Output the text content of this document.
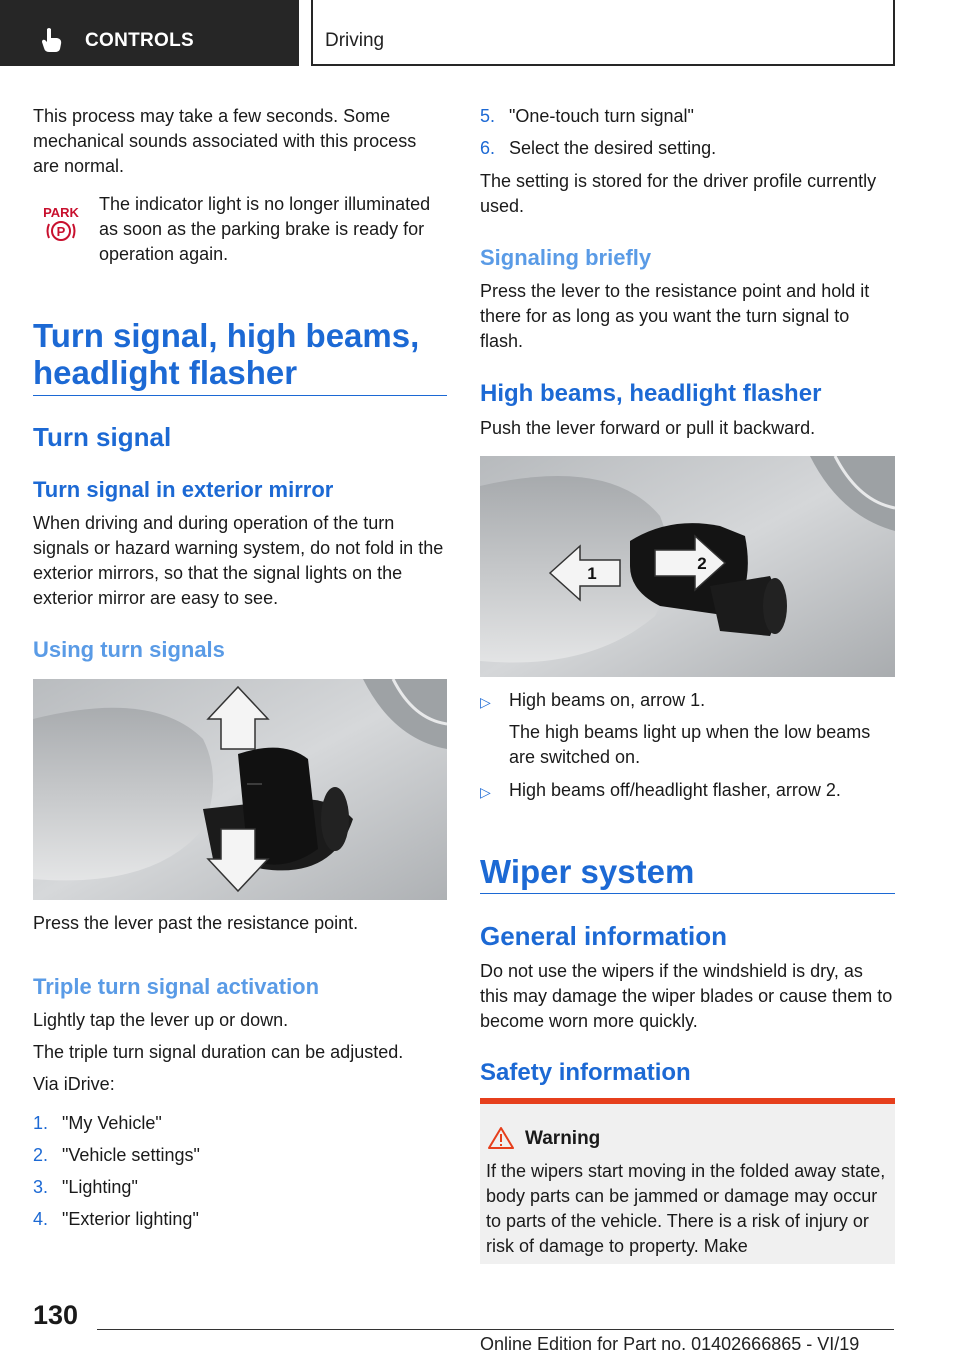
CONTROLS	Driving

This process may take a few seconds. Some mechanical sounds associated with this process are normal.

PARK
P

The indicator light is no longer illuminated as soon as the parking brake is ready for operation again.

Turn signal, high beams, headlight flasher
Turn signal
Turn signal in exterior mirror

When driving and during operation of the turn signals or hazard warning system, do not fold in the exterior mirrors, so that the signal lights on the exterior mirror are easy to see.

Using turn signals

Press the lever past the resistance point.

Triple turn signal activation

Lightly tap the lever up or down.

The triple turn signal duration can be adjusted.

Via iDrive:

1. "My Vehicle"
2. "Vehicle settings"
3. "Lighting"
4. "Exterior lighting"
5. "One-touch turn signal"
6. Select the desired setting.

The setting is stored for the driver profile currently used.

Signaling briefly

Press the lever to the resistance point and hold it there for as long as you want the turn signal to flash.

High beams, headlight flasher

Push the lever forward or pull it backward.

1
2
▷ High beams on, arrow 1.

The high beams light up when the low beams are switched on.

▷ High beams off/headlight flasher, arrow 2.
Wiper system
General information

Do not use the wipers if the windshield is dry, as this may damage the wiper blades or cause them to become worn more quickly.

Safety information
Warning

If the wipers start moving in the folded away state, body parts can be jammed or damage may occur to parts of the vehicle. There is a risk of injury or risk of damage to property. Make

130
Online Edition for Part no. 01402666865 - VI/19
